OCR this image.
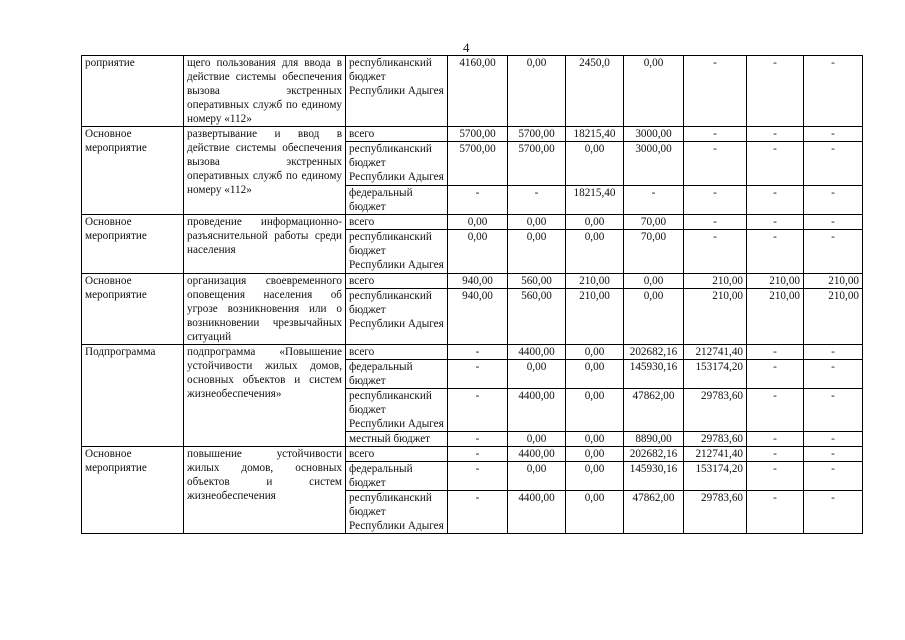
4
роприятие	щего пользования для ввода в действие системы обеспечения вызова экстренных оперативных служб по единому номеру «112»	республиканский бюджет Республики Адыгея	4160,00	0,00	2450,0	0,00	-	-	-
Основное мероприятие	развертывание и ввод в действие системы обеспечения вызова экстренных оперативных служб по единому номеру «112»	всего	5700,00	5700,00	18215,40	3000,00	-	-	-
		республиканский бюджет Республики Адыгея	5700,00	5700,00	0,00	3000,00	-	-	-
		федеральный бюджет	-	-	18215,40	-	-	-	-
Основное мероприятие	проведение информационно-разъяснительной работы среди населения	всего	0,00	0,00	0,00	70,00	-	-	-
		республиканский бюджет Республики Адыгея	0,00	0,00	0,00	70,00	-	-	-
Основное мероприятие	организация своевременного оповещения населения об угрозе возникновения или о возникновении чрезвычайных ситуаций	всего	940,00	560,00	210,00	0,00	210,00	210,00	210,00
		республиканский бюджет Республики Адыгея	940,00	560,00	210,00	0,00	210,00	210,00	210,00
Подпрограмма	подпрограмма «Повышение устойчивости жилых домов, основных объектов и систем жизнеобеспечения»	всего	-	4400,00	0,00	202682,16	212741,40	-	-
		федеральный бюджет	-	0,00	0,00	145930,16	153174,20	-	-
		республиканский бюджет Республики Адыгея	-	4400,00	0,00	47862,00	29783,60	-	-
		местный бюджет	-	0,00	0,00	8890,00	29783,60	-	-
Основное мероприятие	повышение устойчивости жилых домов, основных объектов и систем жизнеобеспечения	всего	-	4400,00	0,00	202682,16	212741,40	-	-
		федеральный бюджет	-	0,00	0,00	145930,16	153174,20	-	-
		республиканский бюджет Республики Адыгея	-	4400,00	0,00	47862,00	29783,60	-	-
